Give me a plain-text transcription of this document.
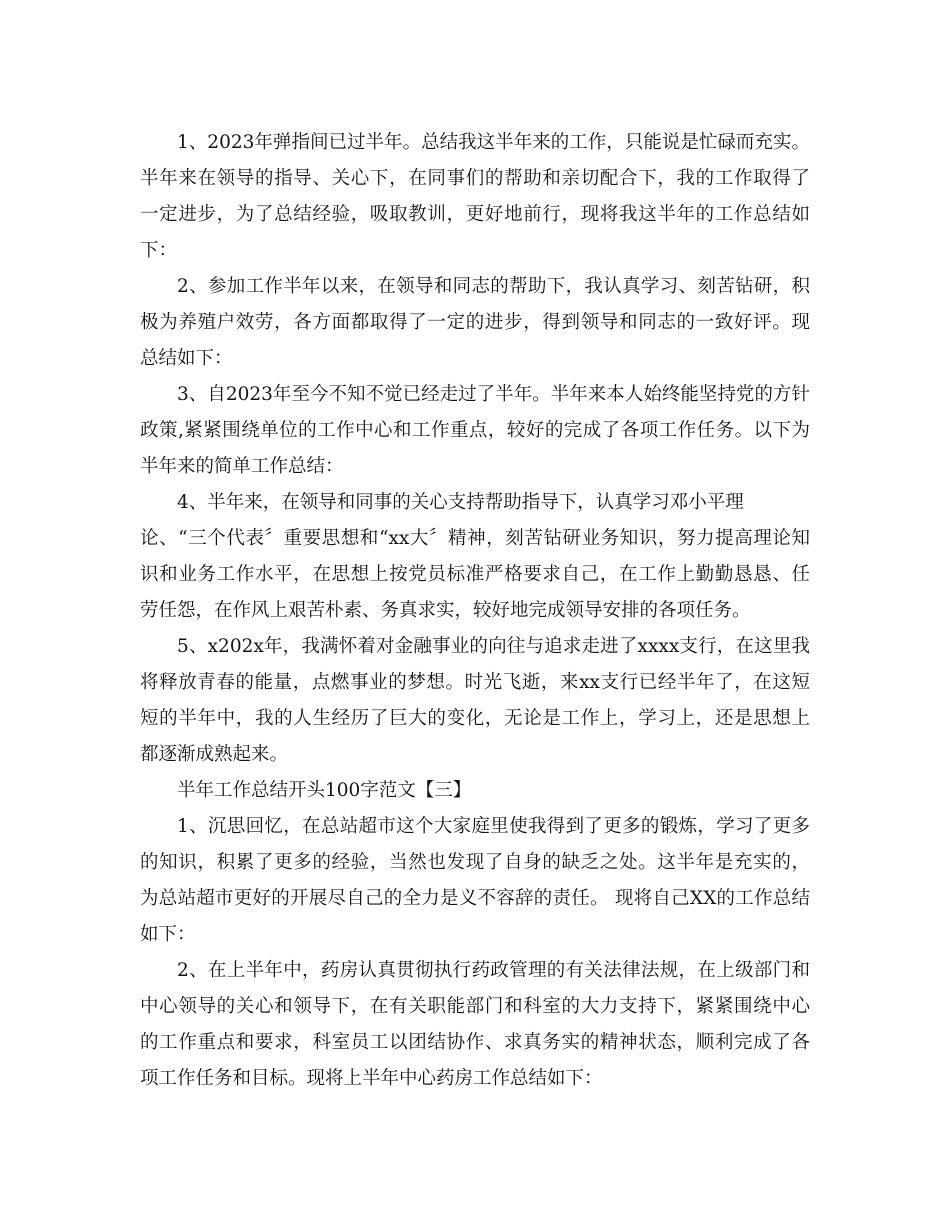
1、2023年弹指间已过半年。总结我这半年来的工作，只能说是忙碌而充实。
半年来在领导的指导、关心下，在同事们的帮助和亲切配合下，我的工作取得了
一定进步，为了总结经验，吸取教训，更好地前行，现将我这半年的工作总结如
下：
2、参加工作半年以来，在领导和同志的帮助下，我认真学习、刻苦钻研，积
极为养殖户效劳，各方面都取得了一定的进步，得到领导和同志的一致好评。现
总结如下：
3、自2023年至今不知不觉已经走过了半年。半年来本人始终能坚持党的方针
政策,紧紧围绕单位的工作中心和工作重点，较好的完成了各项工作任务。以下为
半年来的简单工作总结：
4、半年来，在领导和同事的关心支持帮助指导下，认真学习邓小平理
论、“三个代表〞重要思想和“xx大〞精神，刻苦钻研业务知识，努力提高理论知
识和业务工作水平，在思想上按党员标准严格要求自己，在工作上勤勤恳恳、任
劳任怨，在作风上艰苦朴素、务真求实，较好地完成领导安排的各项任务。
5、x202x年，我满怀着对金融事业的向往与追求走进了xxxx支行，在这里我
将释放青春的能量，点燃事业的梦想。时光飞逝，来xx支行已经半年了，在这短
短的半年中，我的人生经历了巨大的变化，无论是工作上，学习上，还是思想上
都逐渐成熟起来。
半年工作总结开头100字范文【三】
1、沉思回忆，在总站超市这个大家庭里使我得到了更多的锻炼，学习了更多
的知识，积累了更多的经验，当然也发现了自身的缺乏之处。这半年是充实的，
为总站超市更好的开展尽自己的全力是义不容辞的责任。 现将自己XX的工作总结
如下：
2、在上半年中，药房认真贯彻执行药政管理的有关法律法规，在上级部门和
中心领导的关心和领导下，在有关职能部门和科室的大力支持下，紧紧围绕中心
的工作重点和要求，科室员工以团结协作、求真务实的精神状态，顺利完成了各
项工作任务和目标。现将上半年中心药房工作总结如下：
